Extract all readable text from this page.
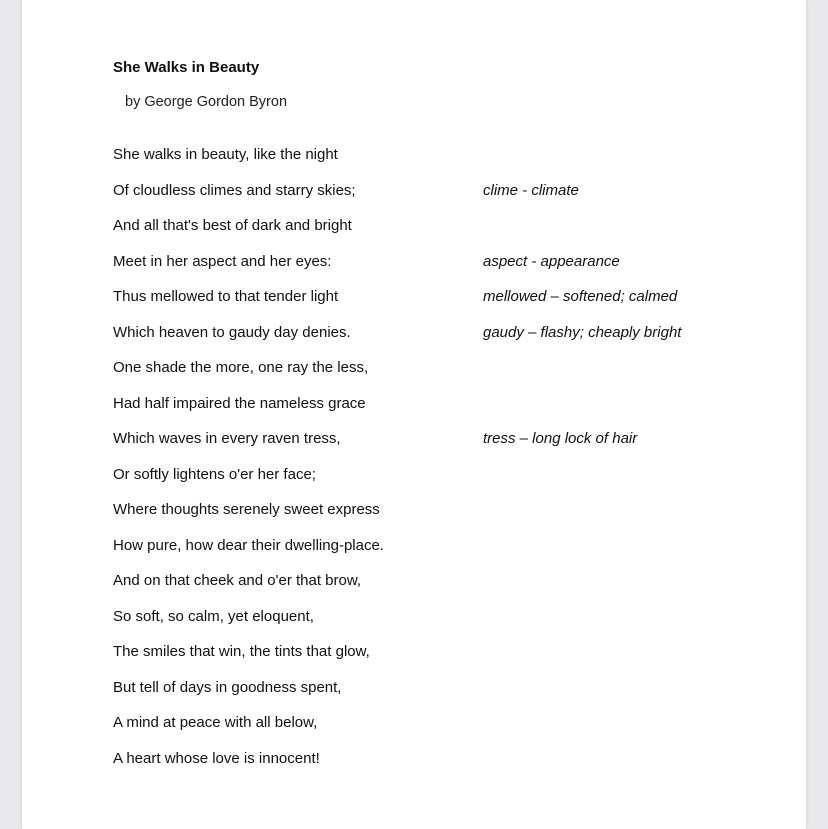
She Walks in Beauty
by George Gordon Byron
She walks in beauty, like the night
Of cloudless climes and starry skies;	clime - climate
And all that's best of dark and bright
Meet in her aspect and her eyes:	aspect - appearance
Thus mellowed to that tender light	mellowed – softened; calmed
Which heaven to gaudy day denies.	gaudy – flashy; cheaply bright
One shade the more, one ray the less,
Had half impaired the nameless grace
Which waves in every raven tress,	tress – long lock of hair
Or softly lightens o'er her face;
Where thoughts serenely sweet express
How pure, how dear their dwelling-place.
And on that cheek and o'er that brow,
So soft, so calm, yet eloquent,
The smiles that win, the tints that glow,
But tell of days in goodness spent,
A mind at peace with all below,
A heart whose love is innocent!
